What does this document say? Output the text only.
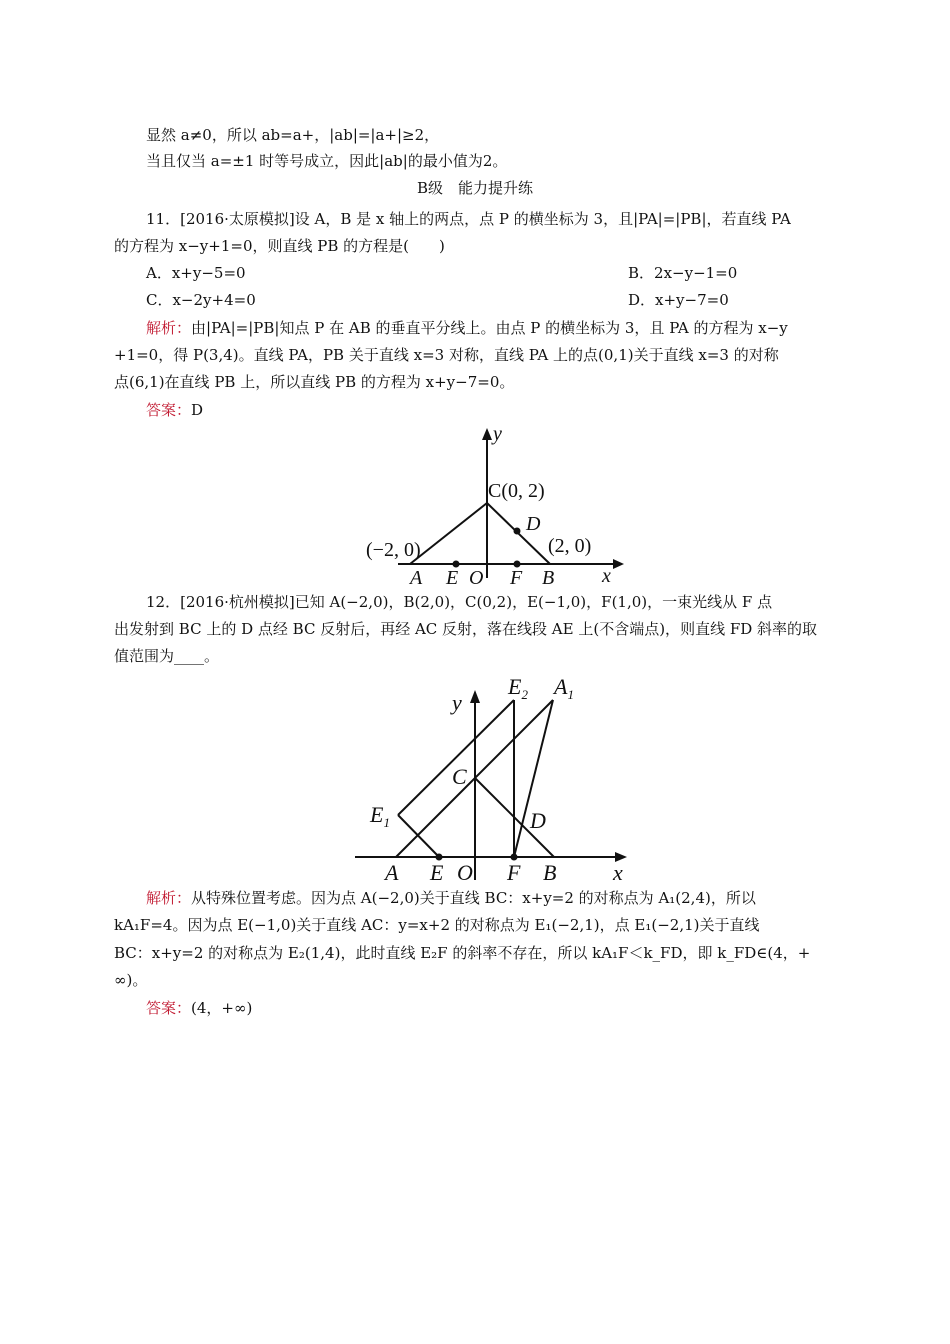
显然 a≠0，所以 ab=a+，|ab|=|a+|≥2，
当且仅当 a=±1 时等号成立，因此|ab|的最小值为2。
B级　能力提升练
11．[2016·太原模拟]设 A，B 是 x 轴上的两点，点 P 的横坐标为 3，且|PA|=|PB|，若直线 PA
的方程为 x−y+1=0，则直线 PB 的方程是(　　)
A．x+y−5=0	B．2x−y−1=0
C．x−2y+4=0	D．x+y−7=0
解析：由|PA|=|PB|知点 P 在 AB 的垂直平分线上。由点 P 的横坐标为 3，且 PA 的方程为 x−y
+1=0，得 P(3,4)。直线 PA，PB 关于直线 x=3 对称，直线 PA 上的点(0,1)关于直线 x=3 的对称
点(6,1)在直线 PB 上，所以直线 PB 的方程为 x+y−7=0。
答案：D
y
C(0, 2)
D
(−2, 0)	(2, 0)
A E O F B x
12．[2016·杭州模拟]已知 A(−2,0)，B(2,0)，C(0,2)，E(−1,0)，F(1,0)，一束光线从 F 点
出发射到 BC 上的 D 点经 BC 反射后，再经 AC 反射，落在线段 AE 上(不含端点)，则直线 FD 斜率的取
值范围为____。
y
$E_2$ $A_1$
C
$E_1$	D
A E O F B	x
解析：从特殊位置考虑。因为点 A(−2,0)关于直线 BC：x+y=2 的对称点为 A₁(2,4)，所以
kA₁F=4。因为点 E(−1,0)关于直线 AC：y=x+2 的对称点为 E₁(−2,1)，点 E₁(−2,1)关于直线
BC：x+y=2 的对称点为 E₂(1,4)，此时直线 E₂F 的斜率不存在，所以 kA₁F＜k_FD，即 k_FD∈(4，+
∞)。
答案：(4，+∞)
